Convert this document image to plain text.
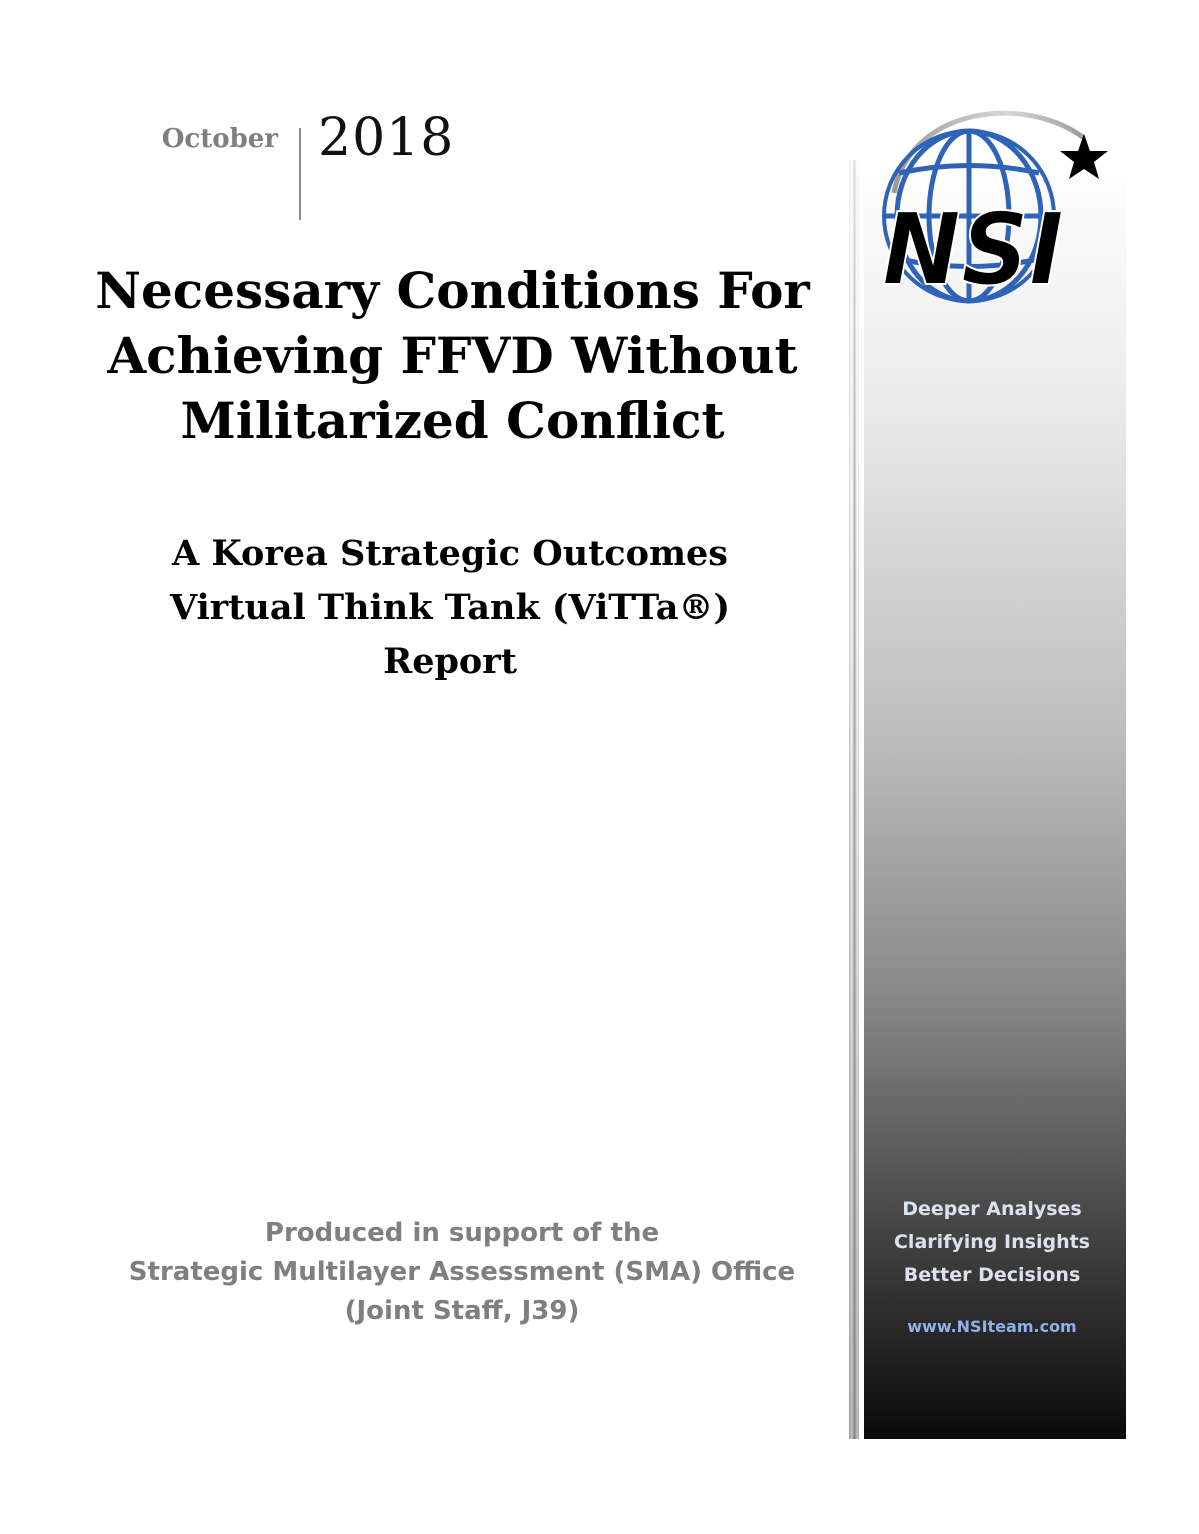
October 2018
Necessary Conditions For
Achieving FFVD Without
Militarized Conflict
A Korea Strategic Outcomes
Virtual Think Tank (ViTTa®)
Report
Produced in support of the
Strategic Multilayer Assessment (SMA) Office
(Joint Staff, J39)
NSI
Deeper Analyses
Clarifying Insights
Better Decisions
www.NSIteam.com
